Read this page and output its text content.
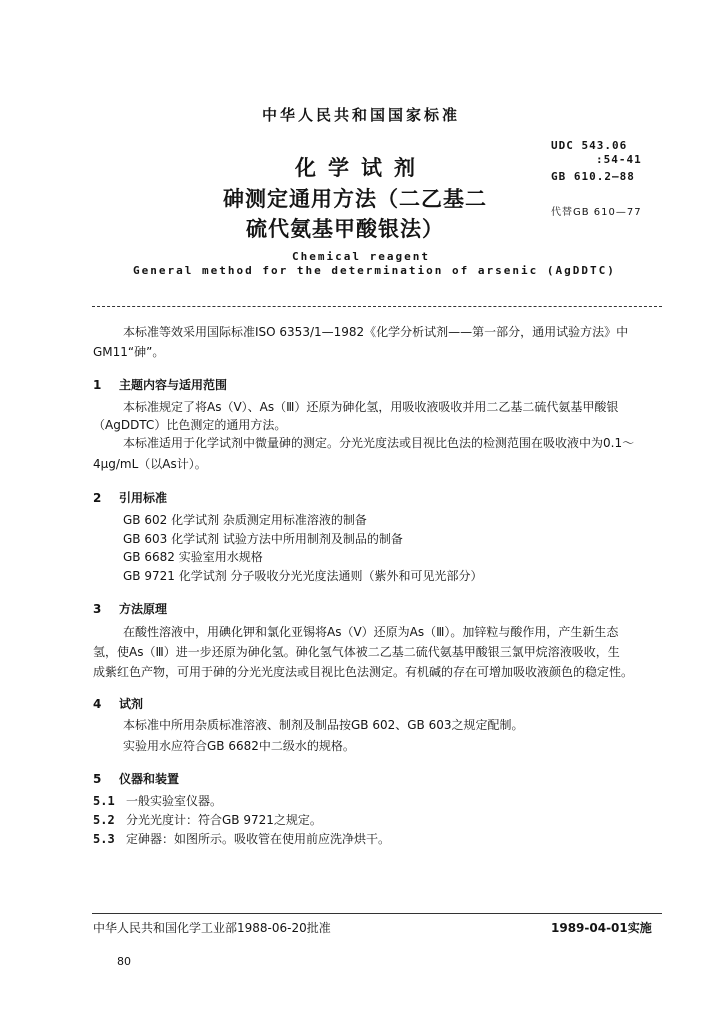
中华人民共和国国家标准
化学试剂
砷测定通用方法（二乙基二
硫代氨基甲酸银法）
UDC 543.06
:54-41
GB 610.2—88
代替GB 610—77
Chemical reagent
General method for the determination of arsenic (AgDDTC)
本标准等效采用国际标准ISO 6353/1—1982《化学分析试剂——第一部分，通用试验方法》中
GM11“砷”。
1 主题内容与适用范围
本标准规定了将As（Ⅴ）、As（Ⅲ）还原为砷化氢，用吸收液吸收并用二乙基二硫代氨基甲酸银
（AgDDTC）比色测定的通用方法。
本标准适用于化学试剂中微量砷的测定。分光光度法或目视比色法的检测范围在吸收液中为0.1～
4μg/mL（以As计）。
2 引用标准
GB 602 化学试剂 杂质测定用标准溶液的制备
GB 603 化学试剂 试验方法中所用制剂及制品的制备
GB 6682 实验室用水规格
GB 9721 化学试剂 分子吸收分光光度法通则（紫外和可见光部分）
3 方法原理
在酸性溶液中，用碘化钾和氯化亚锡将As（Ⅴ）还原为As（Ⅲ）。加锌粒与酸作用，产生新生态
氢，使As（Ⅲ）进一步还原为砷化氢。砷化氢气体被二乙基二硫代氨基甲酸银三氯甲烷溶液吸收，生
成紫红色产物，可用于砷的分光光度法或目视比色法测定。有机碱的存在可增加吸收液颜色的稳定性。
4 试剂
本标准中所用杂质标准溶液、制剂及制品按GB 602、GB 603之规定配制。
实验用水应符合GB 6682中二级水的规格。
5 仪器和装置
5.1 一般实验室仪器。
5.2 分光光度计：符合GB 9721之规定。
5.3 定砷器：如图所示。吸收管在使用前应洗净烘干。
中华人民共和国化学工业部1988-06-20批准	1989-04-01实施
80
